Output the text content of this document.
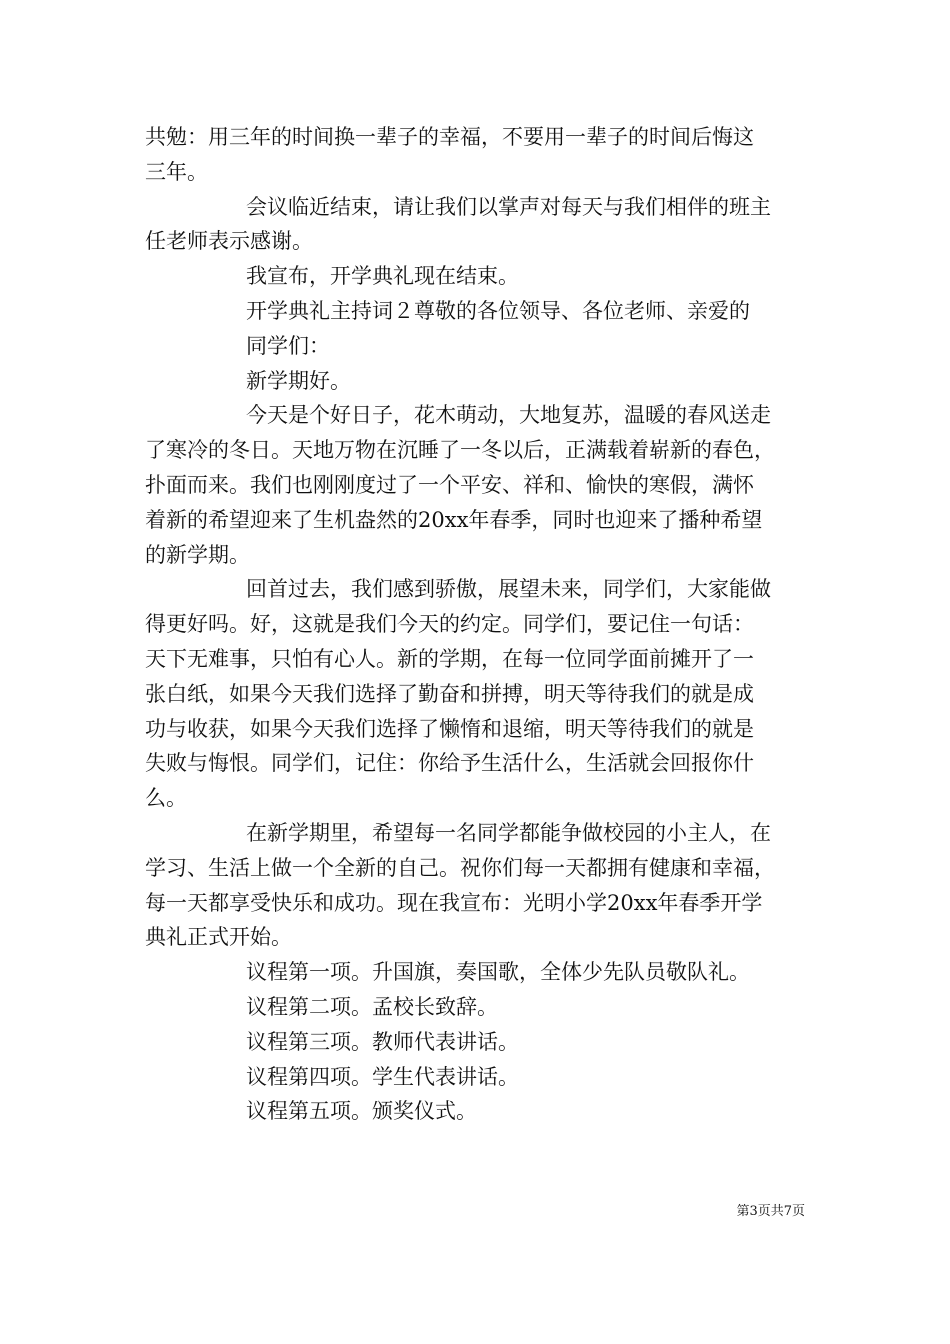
共勉：用三年的时间换一辈子的幸福，不要用一辈子的时间后悔这
三年。
会议临近结束，请让我们以掌声对每天与我们相伴的班主
任老师表示感谢。
我宣布，开学典礼现在结束。
开学典礼主持词２尊敬的各位领导、各位老师、亲爱的
同学们：
新学期好。
今天是个好日子，花木萌动，大地复苏，温暖的春风送走
了寒冷的冬日。天地万物在沉睡了一冬以后，正满载着崭新的春色，
扑面而来。我们也刚刚度过了一个平安、祥和、愉快的寒假，满怀
着新的希望迎来了生机盎然的20xx年春季，同时也迎来了播种希望
的新学期。
回首过去，我们感到骄傲，展望未来，同学们，大家能做
得更好吗。好，这就是我们今天的约定。同学们，要记住一句话：
天下无难事，只怕有心人。新的学期，在每一位同学面前摊开了一
张白纸，如果今天我们选择了勤奋和拼搏，明天等待我们的就是成
功与收获，如果今天我们选择了懒惰和退缩，明天等待我们的就是
失败与悔恨。同学们，记住：你给予生活什么，生活就会回报你什
么。
在新学期里，希望每一名同学都能争做校园的小主人，在
学习、生活上做一个全新的自己。祝你们每一天都拥有健康和幸福，
每一天都享受快乐和成功。现在我宣布：光明小学20xx年春季开学
典礼正式开始。
议程第一项。升国旗，奏国歌，全体少先队员敬队礼。
议程第二项。孟校长致辞。
议程第三项。教师代表讲话。
议程第四项。学生代表讲话。
议程第五项。颁奖仪式。
第3页共7页
